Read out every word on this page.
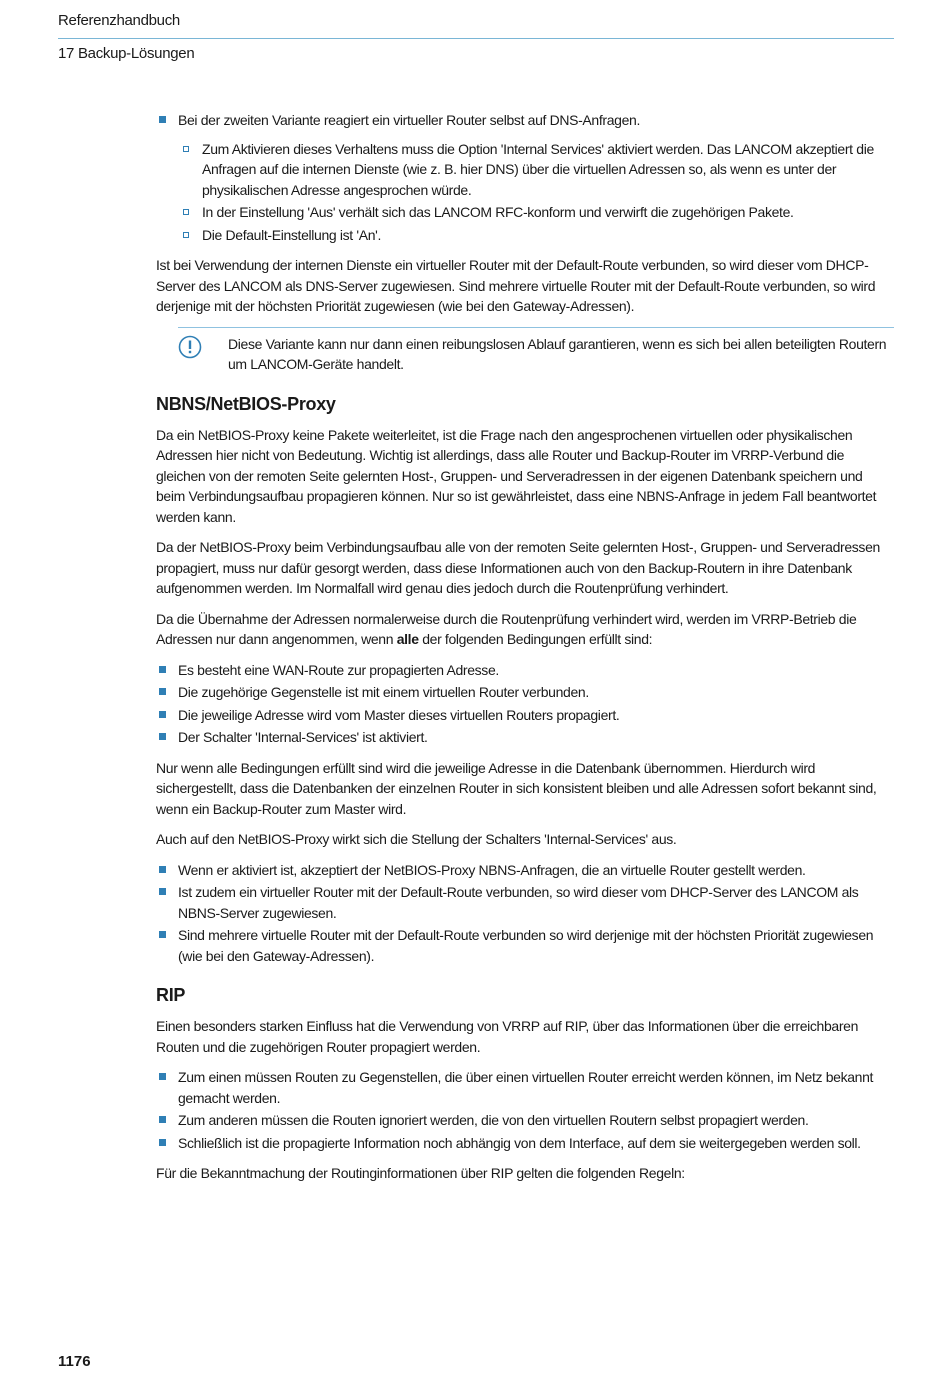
Referenzhandbuch
17 Backup-Lösungen
Bei der zweiten Variante reagiert ein virtueller Router selbst auf DNS-Anfragen.
Zum Aktivieren dieses Verhaltens muss die Option 'Internal Services' aktiviert werden. Das LANCOM akzeptiert die Anfragen auf die internen Dienste (wie z. B. hier DNS) über die virtuellen Adressen so, als wenn es unter der physikalischen Adresse angesprochen würde.
In der Einstellung 'Aus' verhält sich das LANCOM RFC-konform und verwirft die zugehörigen Pakete.
Die Default-Einstellung ist 'An'.

Ist bei Verwendung der internen Dienste ein virtueller Router mit der Default-Route verbunden, so wird dieser vom DHCP-Server des LANCOM als DNS-Server zugewiesen. Sind mehrere virtuelle Router mit der Default-Route verbunden, so wird derjenige mit der höchsten Priorität zugewiesen (wie bei den Gateway-Adressen).

Diese Variante kann nur dann einen reibungslosen Ablauf garantieren, wenn es sich bei allen beteiligten Routern um LANCOM-Geräte handelt.
NBNS/NetBIOS-Proxy

Da ein NetBIOS-Proxy keine Pakete weiterleitet, ist die Frage nach den angesprochenen virtuellen oder physikalischen Adressen hier nicht von Bedeutung. Wichtig ist allerdings, dass alle Router und Backup-Router im VRRP-Verbund die gleichen von der remoten Seite gelernten Host-, Gruppen- und Serveradressen in der eigenen Datenbank speichern und beim Verbindungsaufbau propagieren können. Nur so ist gewährleistet, dass eine NBNS-Anfrage in jedem Fall beantwortet werden kann.

Da der NetBIOS-Proxy beim Verbindungsaufbau alle von der remoten Seite gelernten Host-, Gruppen- und Serveradressen propagiert, muss nur dafür gesorgt werden, dass diese Informationen auch von den Backup-Routern in ihre Datenbank aufgenommen werden. Im Normalfall wird genau dies jedoch durch die Routenprüfung verhindert.

Da die Übernahme der Adressen normalerweise durch die Routenprüfung verhindert wird, werden im VRRP-Betrieb die Adressen nur dann angenommen, wenn alle der folgenden Bedingungen erfüllt sind:

Es besteht eine WAN-Route zur propagierten Adresse.
Die zugehörige Gegenstelle ist mit einem virtuellen Router verbunden.
Die jeweilige Adresse wird vom Master dieses virtuellen Routers propagiert.
Der Schalter 'Internal-Services' ist aktiviert.

Nur wenn alle Bedingungen erfüllt sind wird die jeweilige Adresse in die Datenbank übernommen. Hierdurch wird sichergestellt, dass die Datenbanken der einzelnen Router in sich konsistent bleiben und alle Adressen sofort bekannt sind, wenn ein Backup-Router zum Master wird.

Auch auf den NetBIOS-Proxy wirkt sich die Stellung der Schalters 'Internal-Services' aus.

Wenn er aktiviert ist, akzeptiert der NetBIOS-Proxy NBNS-Anfragen, die an virtuelle Router gestellt werden.
Ist zudem ein virtueller Router mit der Default-Route verbunden, so wird dieser vom DHCP-Server des LANCOM als NBNS-Server zugewiesen.
Sind mehrere virtuelle Router mit der Default-Route verbunden so wird derjenige mit der höchsten Priorität zugewiesen (wie bei den Gateway-Adressen).
RIP

Einen besonders starken Einfluss hat die Verwendung von VRRP auf RIP, über das Informationen über die erreichbaren Routen und die zugehörigen Router propagiert werden.

Zum einen müssen Routen zu Gegenstellen, die über einen virtuellen Router erreicht werden können, im Netz bekannt gemacht werden.
Zum anderen müssen die Routen ignoriert werden, die von den virtuellen Routern selbst propagiert werden.
Schließlich ist die propagierte Information noch abhängig von dem Interface, auf dem sie weitergegeben werden soll.

Für die Bekanntmachung der Routinginformationen über RIP gelten die folgenden Regeln:

1176
